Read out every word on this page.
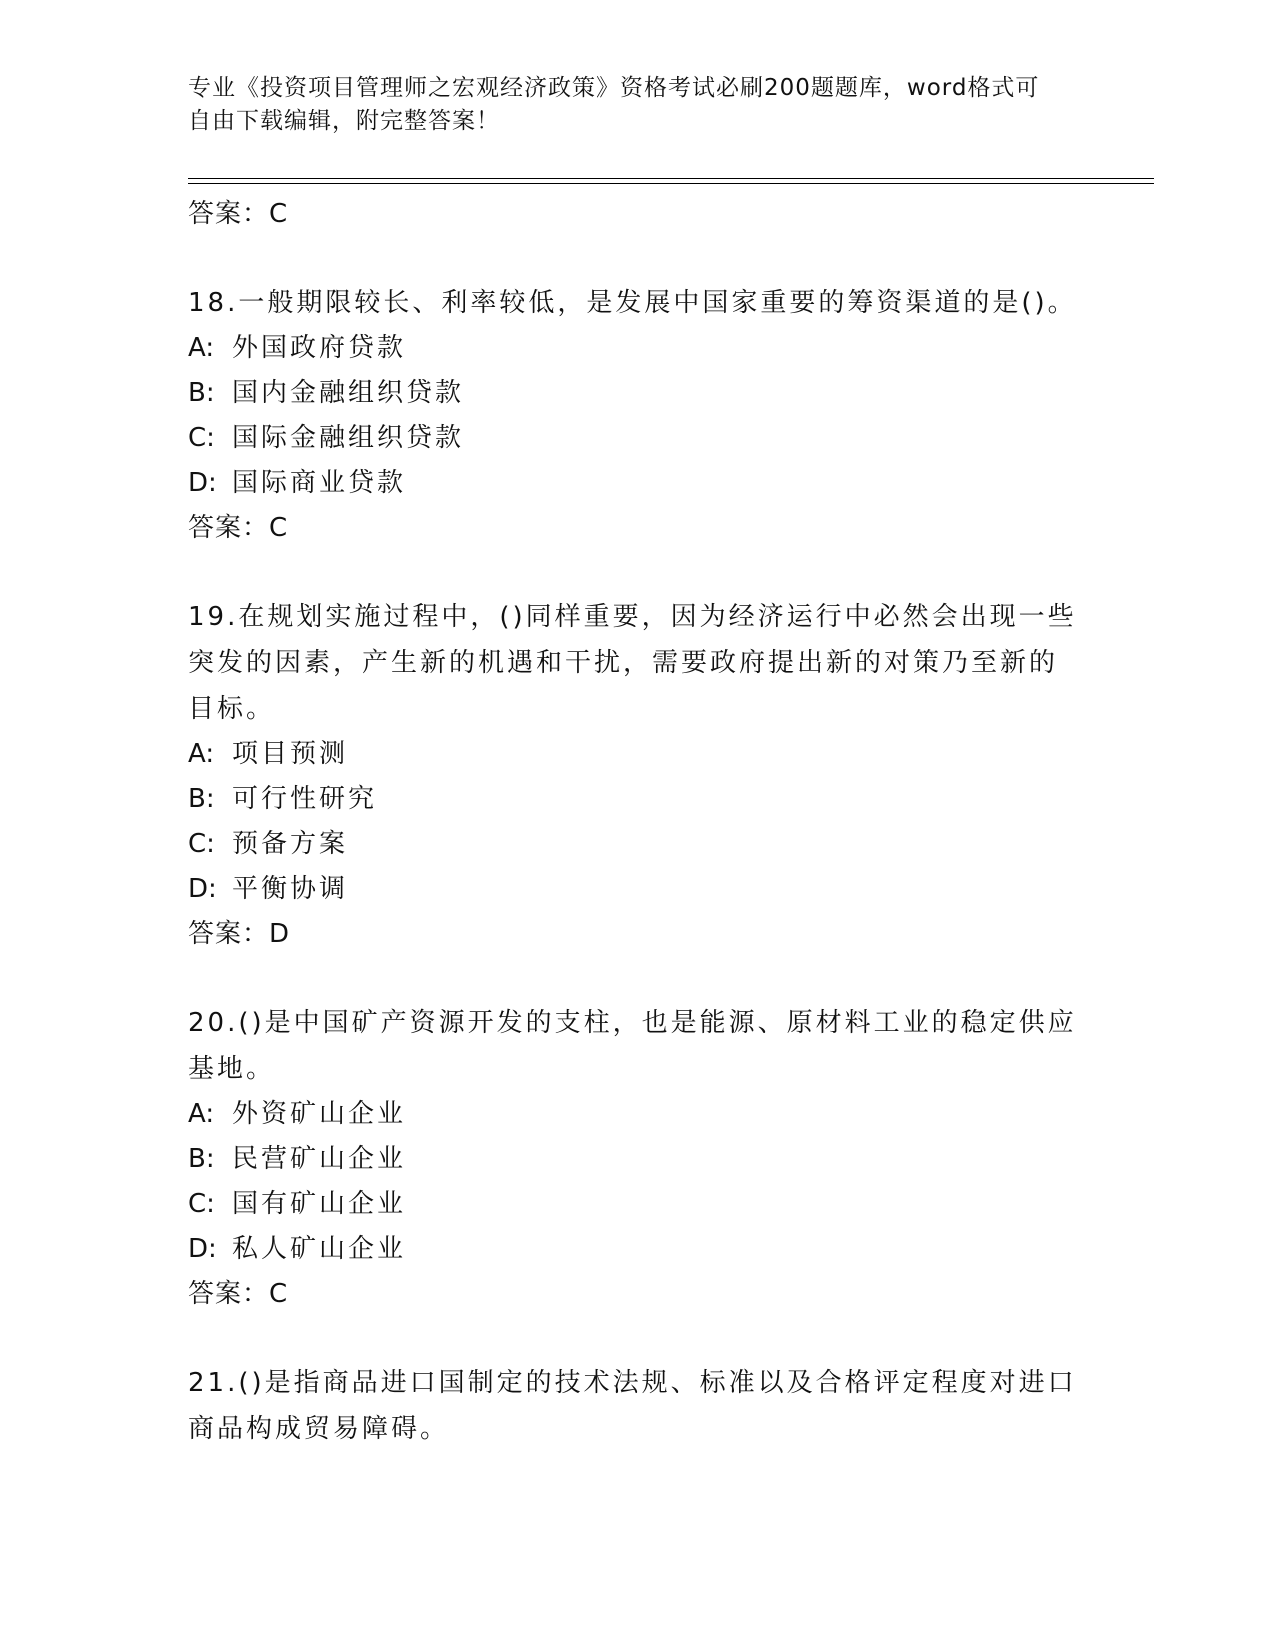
专业《投资项目管理师之宏观经济政策》资格考试必刷200题题库，word格式可
自由下载编辑，附完整答案！
答案：C

18.一般期限较长、利率较低，是发展中国家重要的筹资渠道的是()。

A: 外国政府贷款
B: 国内金融组织贷款
C: 国际金融组织贷款
D: 国际商业贷款
答案：C

19.在规划实施过程中，()同样重要，因为经济运行中必然会出现一些

突发的因素，产生新的机遇和干扰，需要政府提出新的对策乃至新的

目标。

A: 项目预测
B: 可行性研究
C: 预备方案
D: 平衡协调
答案：D

20.()是中国矿产资源开发的支柱，也是能源、原材料工业的稳定供应

基地。

A: 外资矿山企业
B: 民营矿山企业
C: 国有矿山企业
D: 私人矿山企业
答案：C

21.()是指商品进口国制定的技术法规、标准以及合格评定程度对进口

商品构成贸易障碍。
